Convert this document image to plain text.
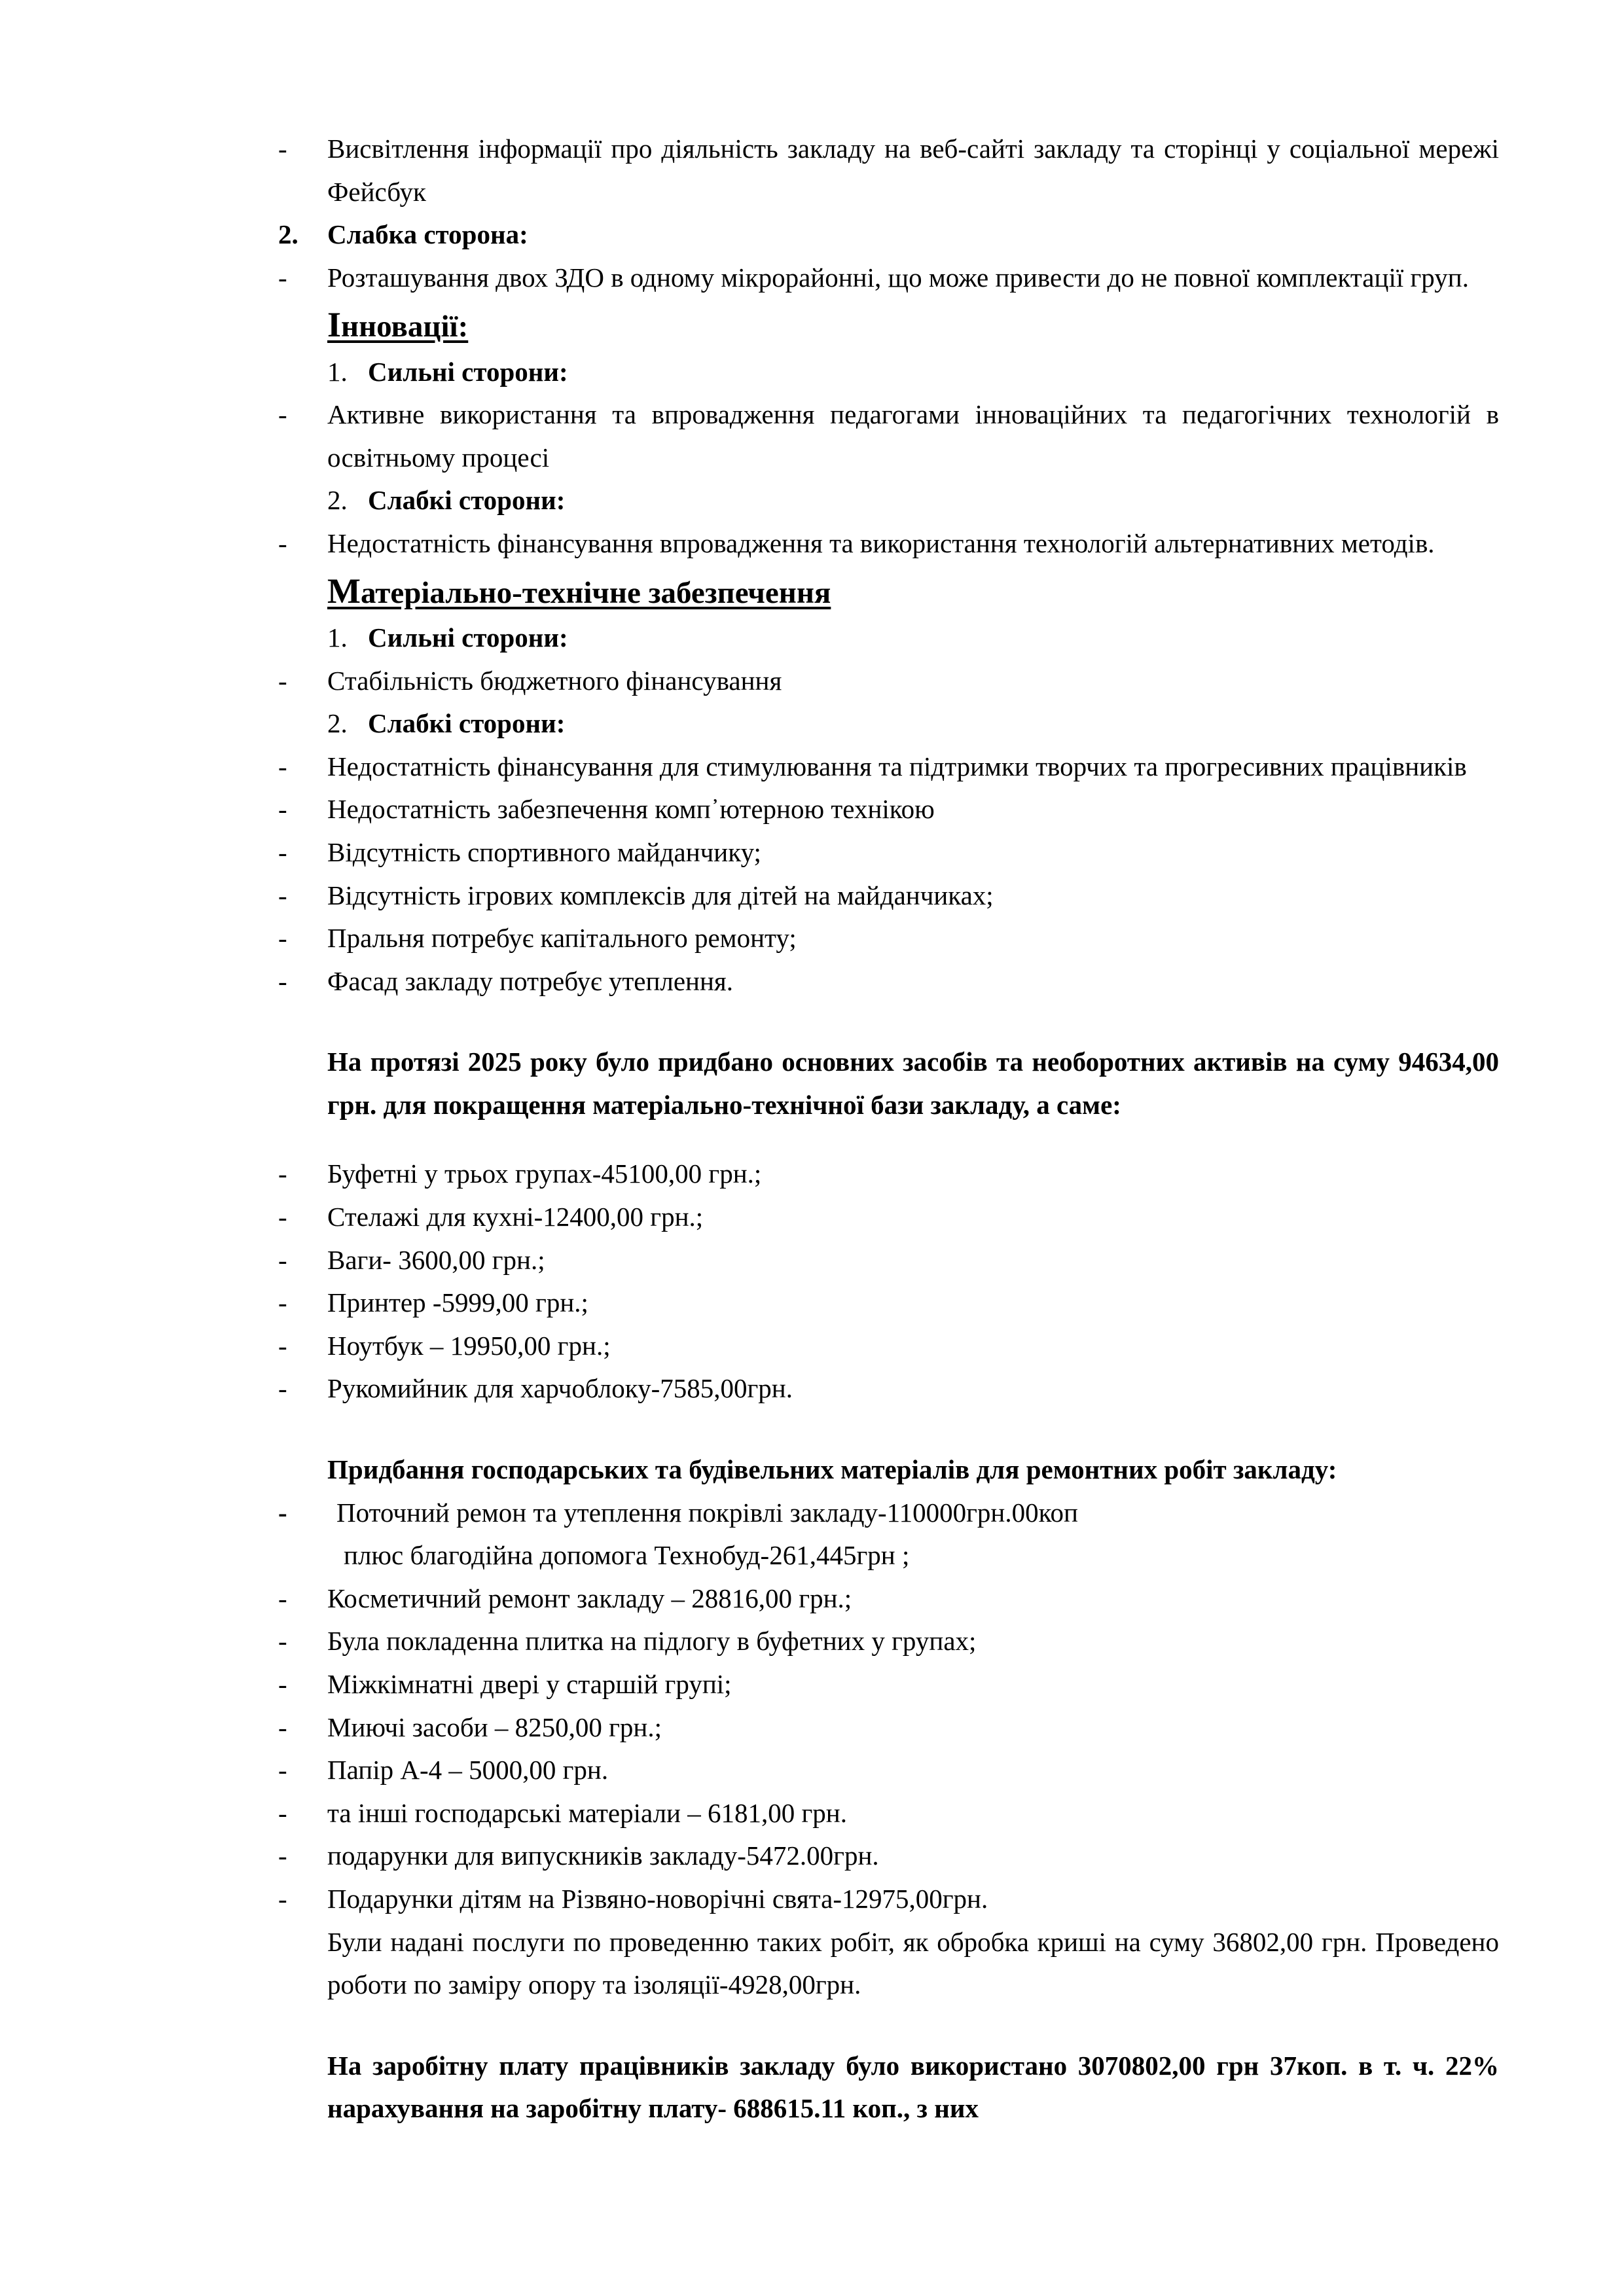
-	Висвітлення інформації про діяльність закладу на веб-сайті закладу та сторінці у соціальної мережі Фейсбук
2.	Слабка сторона:
-	Розташування двох ЗДО в одному мікрорайонні, що може привести до не повної комплектації груп.
Інновації:
1. Сильні сторони:
-	Активне використання та впровадження педагогами інноваційних та педагогічних технологій в освітньому процесі
2. Слабкі сторони:
-	Недостатність фінансування впровадження та використання технологій альтернативних методів.
Матеріально-технічне забезпечення
1. Сильні сторони:
-	Стабільність бюджетного фінансування
2. Слабкі сторони:
-	Недостатність фінансування для стимулювання та підтримки творчих та прогресивних працівників
-	Недостатність забезпечення комп᾽ютерною технікою
-	Відсутність спортивного майданчику;
-	Відсутність ігрових комплексів для дітей на майданчиках;
-	Пральня потребує капітального ремонту;
-	Фасад закладу потребує утеплення.
На протязі 2025 року було придбано основних засобів та необоротних активів на суму 94634,00 грн. для покращення матеріально-технічної бази закладу, а саме:
-	Буфетні у трьох групах-45100,00 грн.;
-	Стелажі для кухні-12400,00 грн.;
-	Ваги- 3600,00 грн.;
-	Принтер -5999,00 грн.;
-	Ноутбук – 19950,00 грн.;
-	Рукомийник для харчоблоку-7585,00грн.
Придбання господарських та будівельних матеріалів для ремонтних робіт закладу:
-	Поточний ремон та утеплення покрівлі закладу-110000грн.00коп
плюс благодійна допомога Технобуд-261,445грн ;
-	Косметичний ремонт закладу – 28816,00 грн.;
-	Була покладенна плитка на підлогу в буфетних у групах;
-	Міжкімнатні двері у старшій групі;
-	Миючі засоби – 8250,00 грн.;
-	Папір А-4 – 5000,00 грн.
-	та інші господарські матеріали – 6181,00 грн.
-	подарунки для випускників закладу-5472.00грн.
-	Подарунки дітям на Різвяно-новорічні свята-12975,00грн.
Були надані послуги по проведенню таких робіт, як обробка криші на суму 36802,00 грн. Проведено роботи по заміру опору та ізоляції-4928,00грн.
На заробітну плату працівників закладу було використано 3070802,00 грн 37коп. в т. ч. 22% нарахування на заробітну плату- 688615.11 коп., з них
